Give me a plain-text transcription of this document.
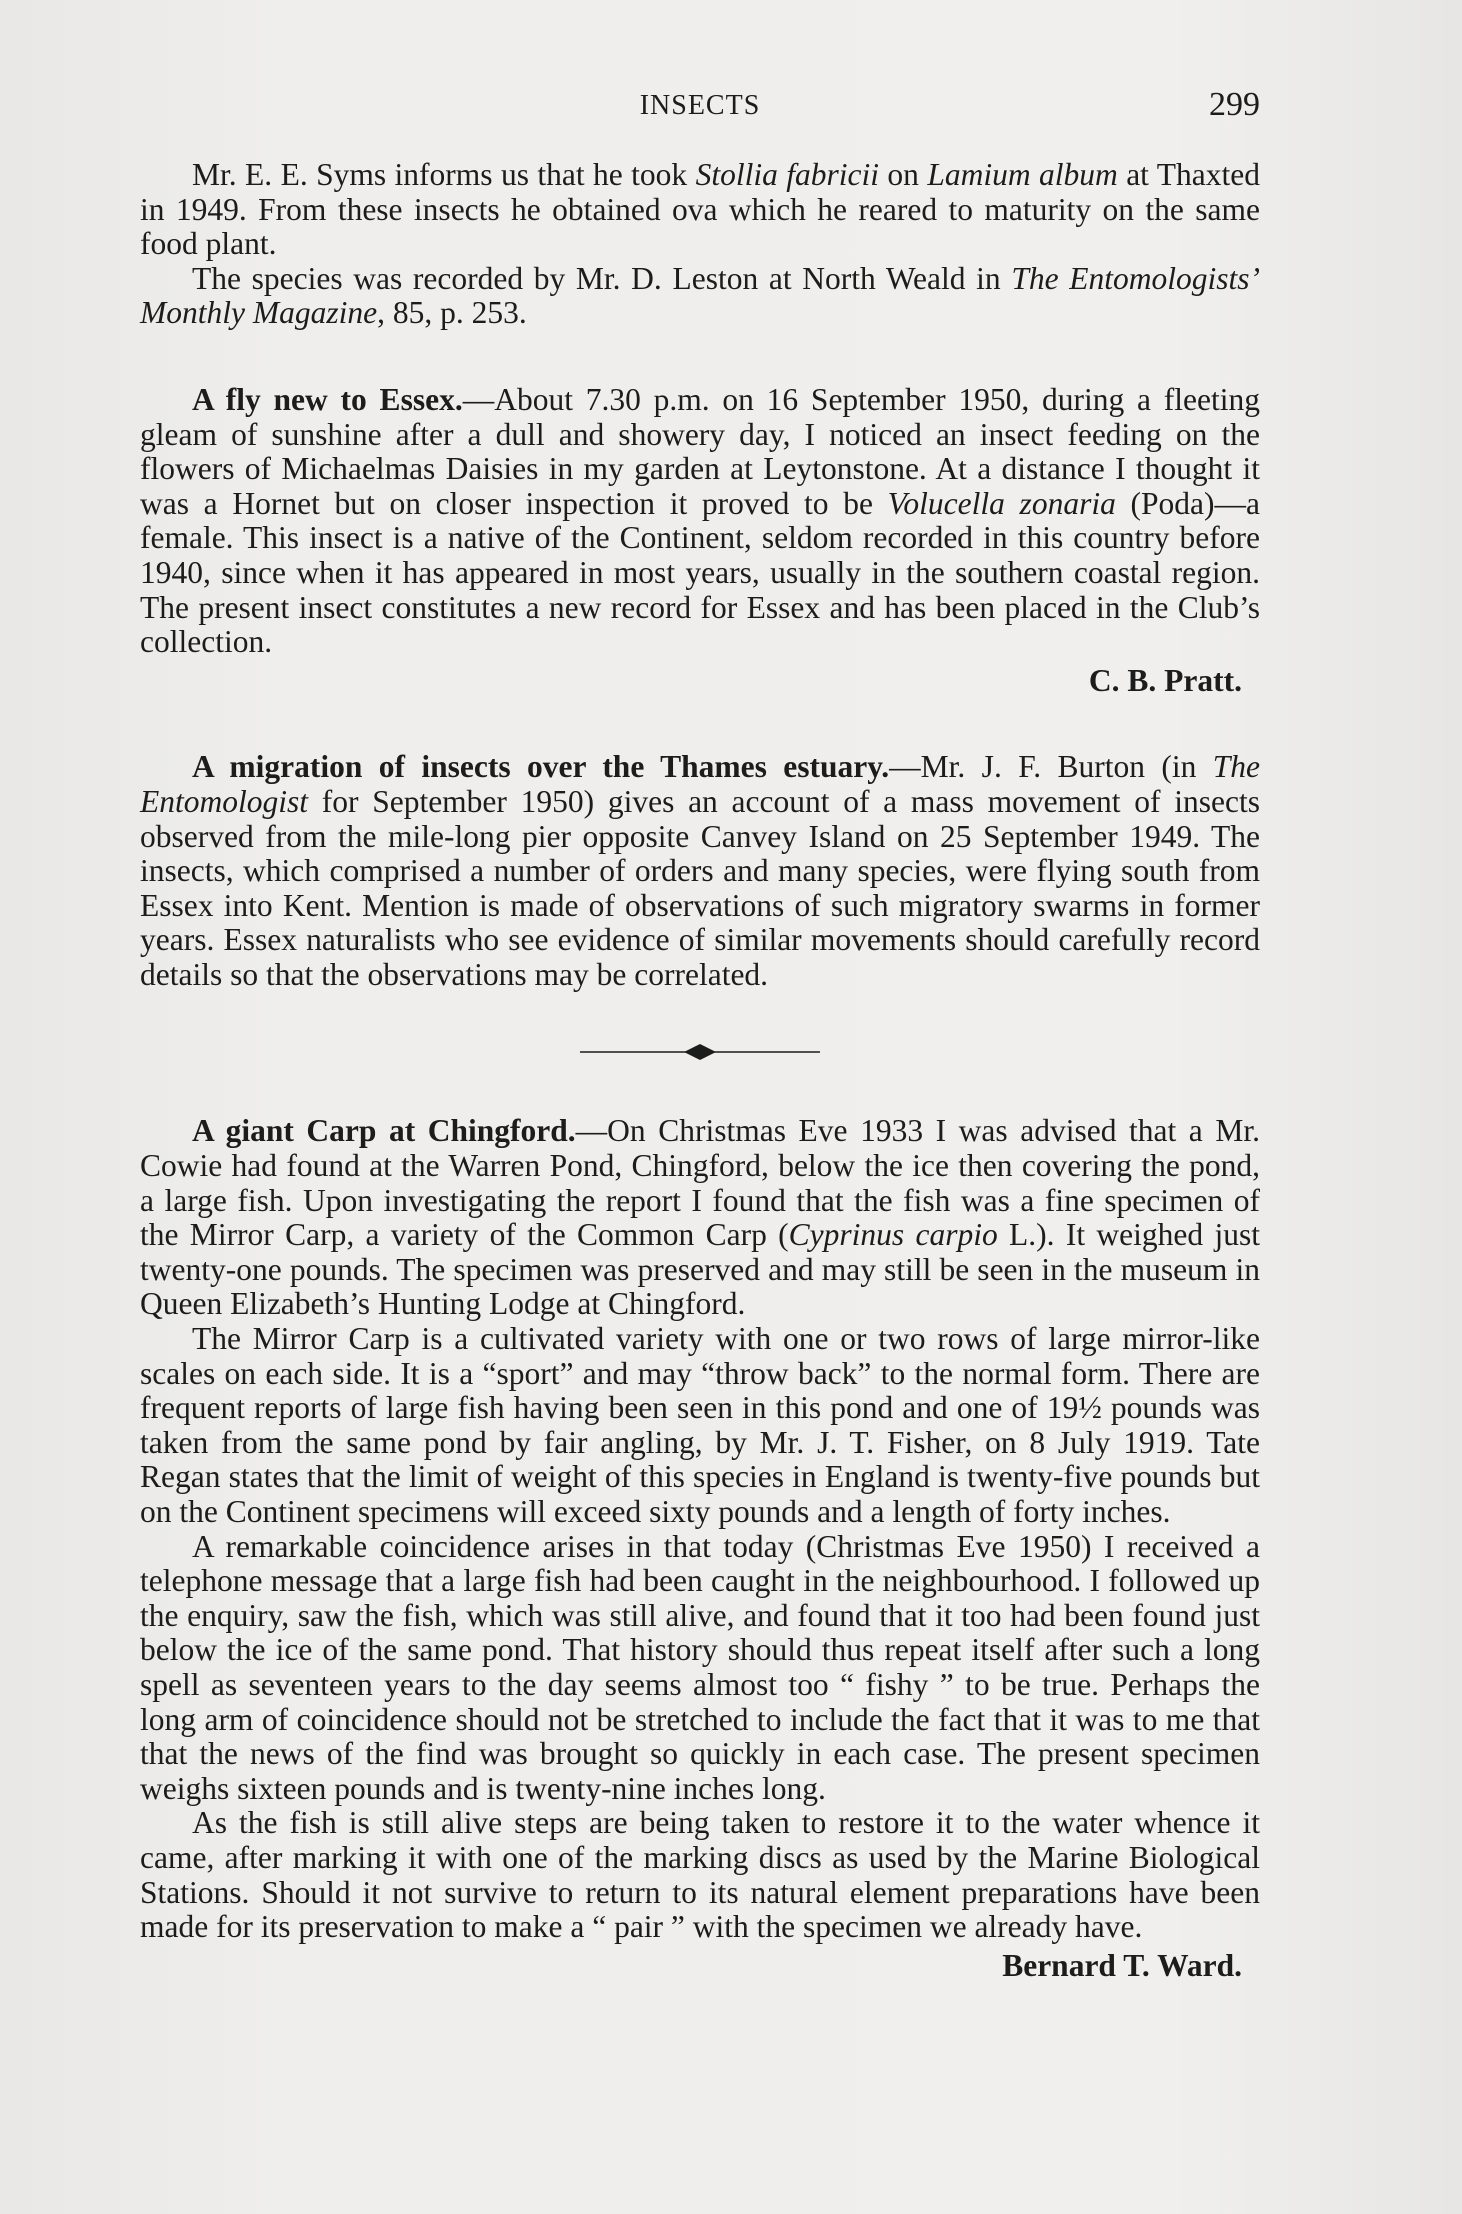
INSECTS	299

Mr. E. E. Syms informs us that he took Stollia fabricii on Lamium album at Thaxted in 1949. From these insects he obtained ova which he reared to maturity on the same food plant.

The species was recorded by Mr. D. Leston at North Weald in The Entomologists’ Monthly Magazine, 85, p. 253.

A fly new to Essex.—About 7.30 p.m. on 16 September 1950, during a fleeting gleam of sunshine after a dull and showery day, I noticed an insect feeding on the flowers of Michaelmas Daisies in my garden at Leytonstone. At a distance I thought it was a Hornet but on closer inspection it proved to be Volucella zonaria (Poda)—a female. This insect is a native of the Continent, seldom recorded in this country before 1940, since when it has appeared in most years, usually in the southern coastal region. The present insect constitutes a new record for Essex and has been placed in the Club’s collection.

C. B. Pratt.

A migration of insects over the Thames estuary.—Mr. J. F. Burton (in The Entomologist for September 1950) gives an account of a mass movement of insects observed from the mile-long pier opposite Canvey Island on 25 September 1949. The insects, which comprised a number of orders and many species, were flying south from Essex into Kent. Mention is made of observations of such migratory swarms in former years. Essex naturalists who see evidence of similar movements should carefully record details so that the observations may be correlated.

A giant Carp at Chingford.—On Christmas Eve 1933 I was advised that a Mr. Cowie had found at the Warren Pond, Chingford, below the ice then covering the pond, a large fish. Upon investigating the report I found that the fish was a fine specimen of the Mirror Carp, a variety of the Common Carp (Cyprinus carpio L.). It weighed just twenty-one pounds. The specimen was preserved and may still be seen in the museum in Queen Elizabeth’s Hunting Lodge at Chingford.

The Mirror Carp is a cultivated variety with one or two rows of large mirror-like scales on each side. It is a “sport” and may “throw back” to the normal form. There are frequent reports of large fish having been seen in this pond and one of 19½ pounds was taken from the same pond by fair angling, by Mr. J. T. Fisher, on 8 July 1919. Tate Regan states that the limit of weight of this species in England is twenty-five pounds but on the Continent specimens will exceed sixty pounds and a length of forty inches.

A remarkable coincidence arises in that today (Christmas Eve 1950) I received a telephone message that a large fish had been caught in the neighbourhood. I followed up the enquiry, saw the fish, which was still alive, and found that it too had been found just below the ice of the same pond. That history should thus repeat itself after such a long spell as seventeen years to the day seems almost too “ fishy ” to be true. Perhaps the long arm of coincidence should not be stretched to include the fact that it was to me that that the news of the find was brought so quickly in each case. The present specimen weighs sixteen pounds and is twenty-nine inches long.

As the fish is still alive steps are being taken to restore it to the water whence it came, after marking it with one of the marking discs as used by the Marine Biological Stations. Should it not survive to return to its natural element preparations have been made for its preservation to make a “ pair ” with the specimen we already have.

Bernard T. Ward.
